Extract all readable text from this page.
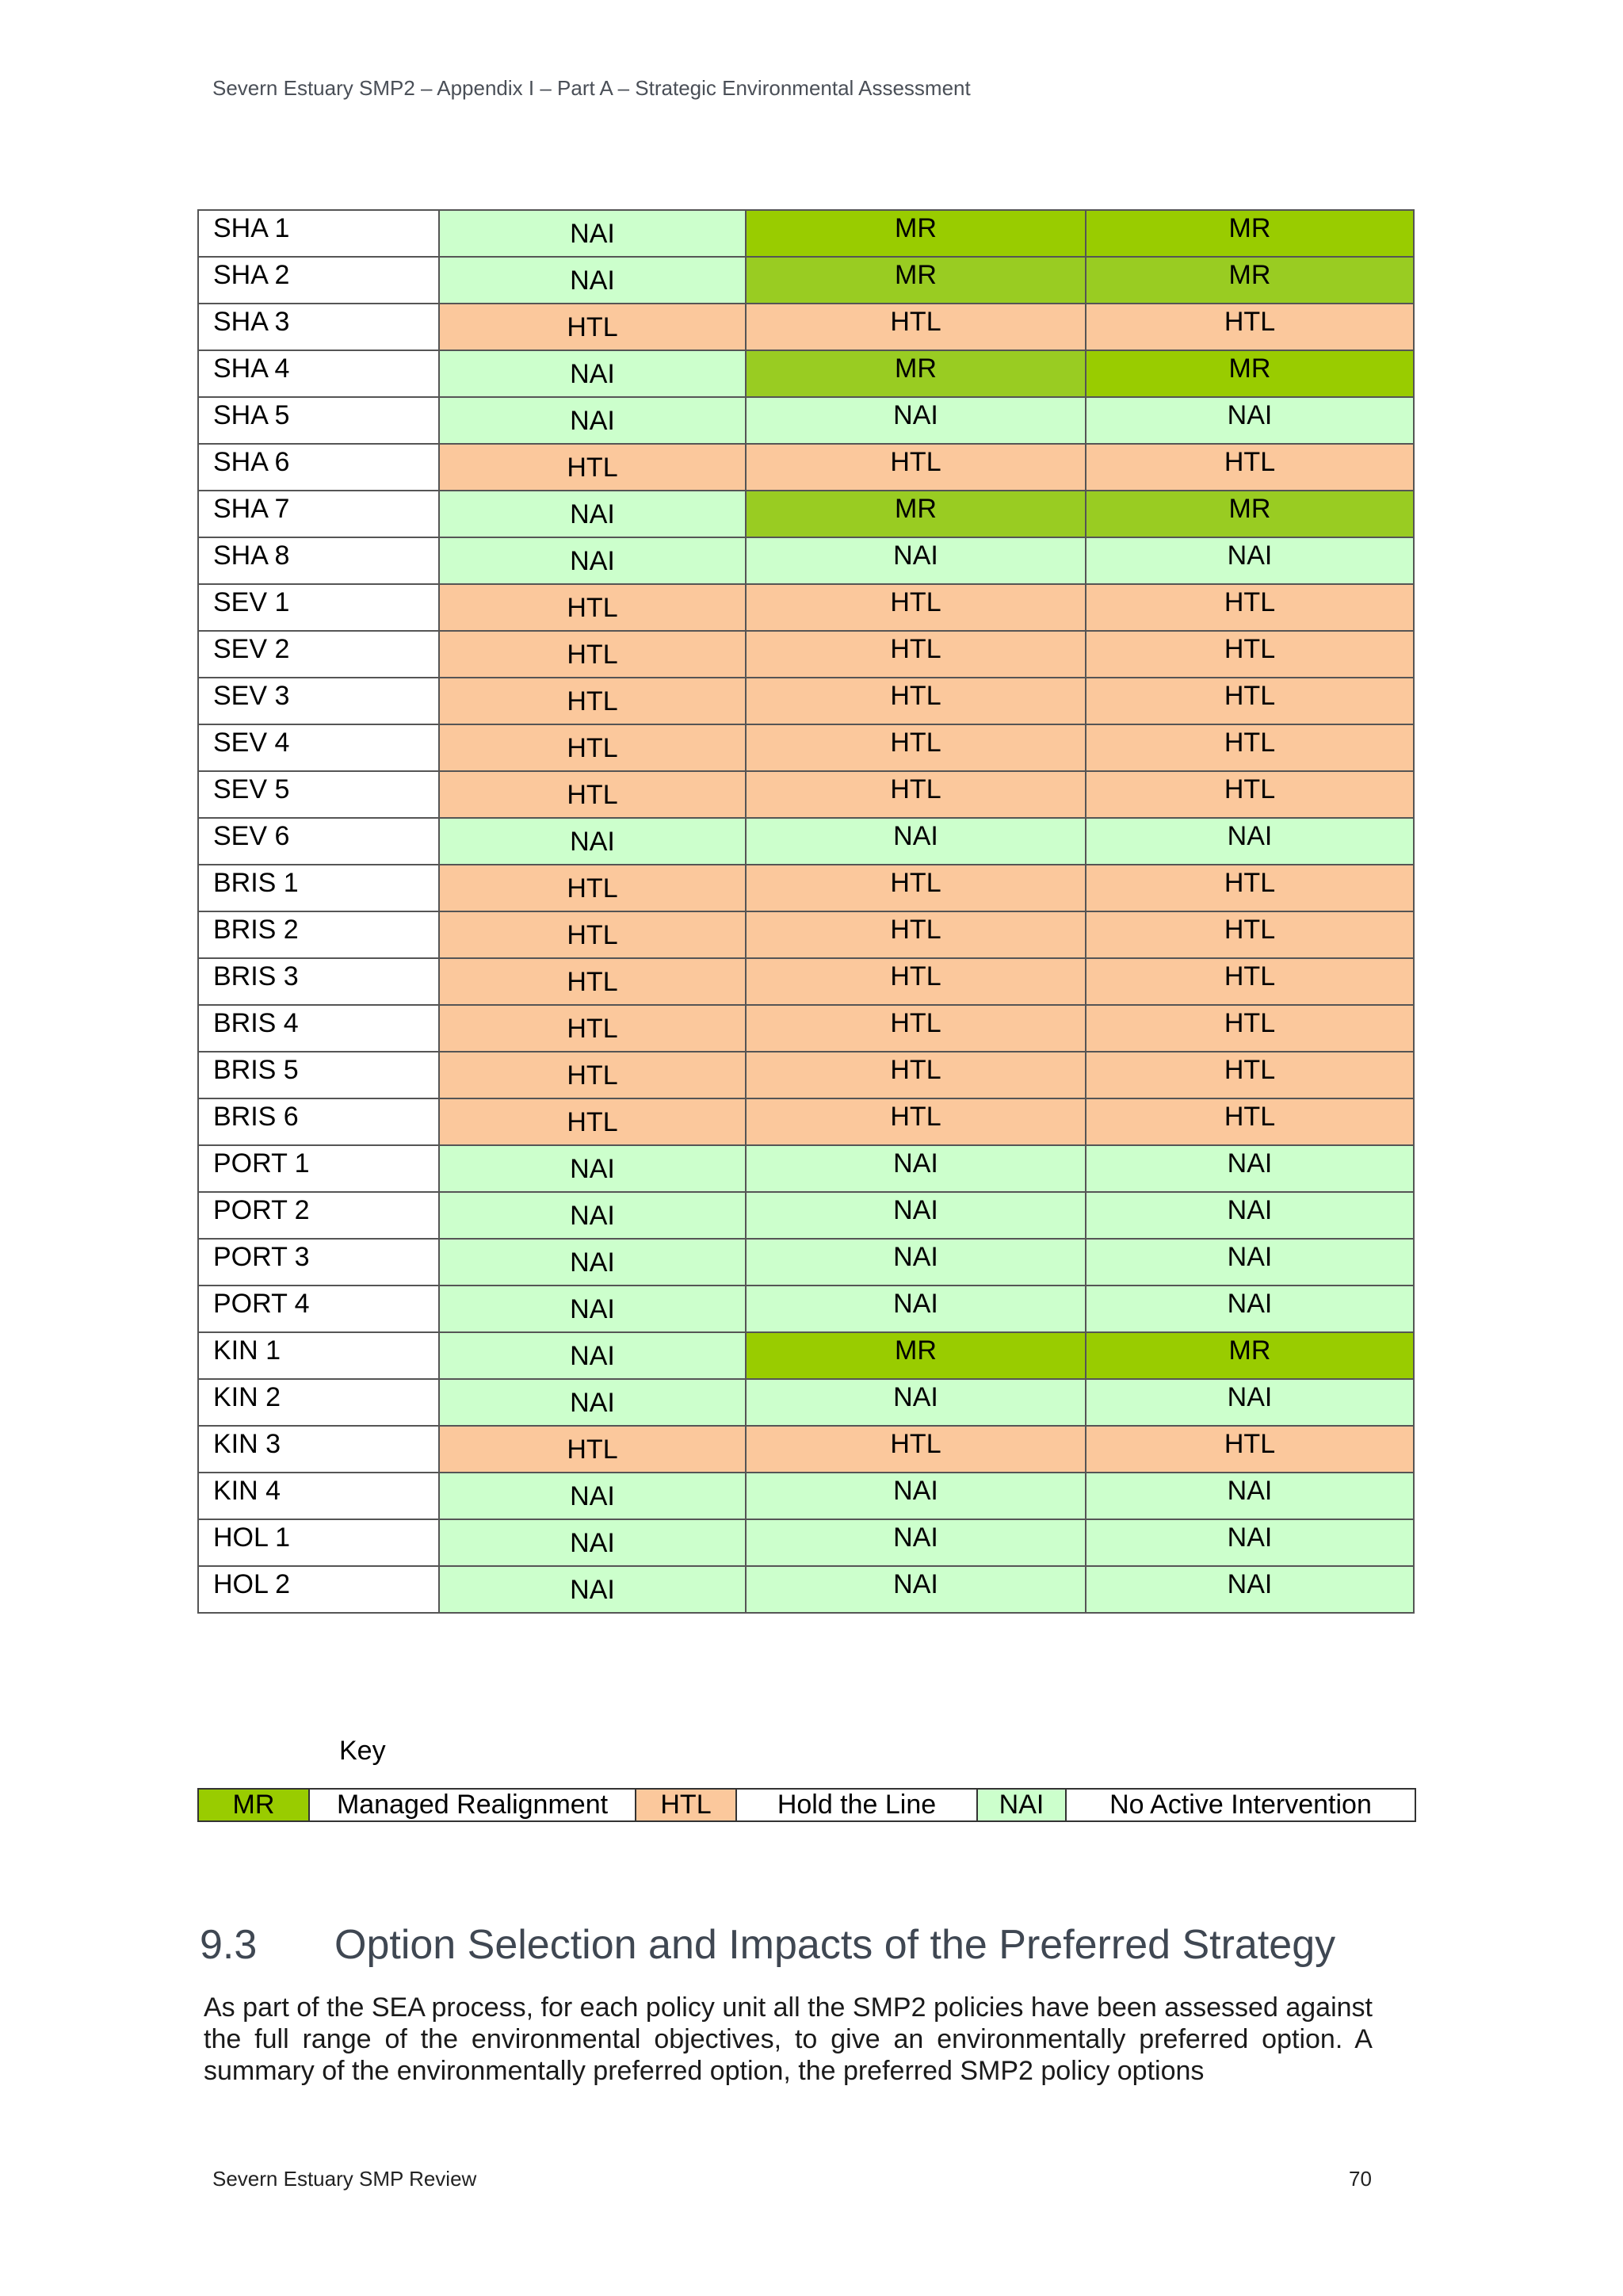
Severn Estuary SMP2 – Appendix I – Part A – Strategic Environmental Assessment
SHA 1	NAI	MR	MR
SHA 2	NAI	MR	MR
SHA 3	HTL	HTL	HTL
SHA 4	NAI	MR	MR
SHA 5	NAI	NAI	NAI
SHA 6	HTL	HTL	HTL
SHA 7	NAI	MR	MR
SHA 8	NAI	NAI	NAI
SEV 1	HTL	HTL	HTL
SEV 2	HTL	HTL	HTL
SEV 3	HTL	HTL	HTL
SEV 4	HTL	HTL	HTL
SEV 5	HTL	HTL	HTL
SEV 6	NAI	NAI	NAI
BRIS 1	HTL	HTL	HTL
BRIS 2	HTL	HTL	HTL
BRIS 3	HTL	HTL	HTL
BRIS 4	HTL	HTL	HTL
BRIS 5	HTL	HTL	HTL
BRIS 6	HTL	HTL	HTL
PORT 1	NAI	NAI	NAI
PORT 2	NAI	NAI	NAI
PORT 3	NAI	NAI	NAI
PORT 4	NAI	NAI	NAI
KIN 1	NAI	MR	MR
KIN 2	NAI	NAI	NAI
KIN 3	HTL	HTL	HTL
KIN 4	NAI	NAI	NAI
HOL 1	NAI	NAI	NAI
HOL 2	NAI	NAI	NAI
Key
MR	Managed Realignment	HTL	Hold the Line	NAI	No Active Intervention
9.3 Option Selection and Impacts of the Preferred Strategy
As part of the SEA process, for each policy unit all the SMP2 policies have been assessed against the full range of the environmental objectives, to give an environmentally preferred option. A summary of the environmentally preferred option, the preferred SMP2 policy options
Severn Estuary SMP Review	70
